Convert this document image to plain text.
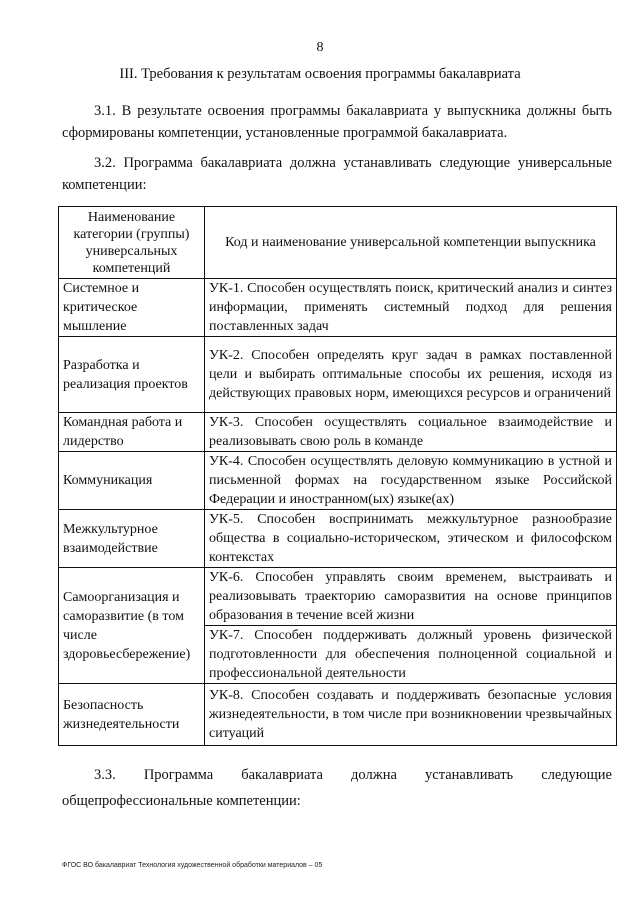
8
III. Требования к результатам освоения программы бакалавриата
3.1. В результате освоения программы бакалавриата у выпускника должны быть сформированы компетенции, установленные программой бакалавриата.
3.2. Программа бакалавриата должна устанавливать следующие универсальные компетенции:
Наименование категории (группы) универсальных компетенций	Код и наименование универсальной компетенции выпускника
Системное и критическое мышление	УК-1. Способен осуществлять поиск, критический анализ и синтез информации, применять системный подход для решения поставленных задач
Разработка и реализация проектов	УК-2. Способен определять круг задач в рамках поставленной цели и выбирать оптимальные способы их решения, исходя из действующих правовых норм, имеющихся ресурсов и ограничений
Командная работа и лидерство	УК-3. Способен осуществлять социальное взаимодействие и реализовывать свою роль в команде
Коммуникация	УК-4. Способен осуществлять деловую коммуникацию в устной и письменной формах на государственном языке Российской Федерации и иностранном(ых) языке(ах)
Межкультурное взаимодействие	УК-5. Способен воспринимать межкультурное разнообразие общества в социально-историческом, этическом и философском контекстах
Самоорганизация и саморазвитие (в том числе здоровьесбережение)	УК-6. Способен управлять своим временем, выстраивать и реализовывать траекторию саморазвития на основе принципов образования в течение всей жизни
	УК-7. Способен поддерживать должный уровень физической подготовленности для обеспечения полноценной социальной и профессиональной деятельности
Безопасность жизнедеятельности	УК-8. Способен создавать и поддерживать безопасные условия жизнедеятельности, в том числе при возникновении чрезвычайных ситуаций
3.3. Программа бакалавриата должна устанавливать следующие общепрофессиональные компетенции:
ФГОС ВО бакалавриат Технология художественной обработки материалов – 05
